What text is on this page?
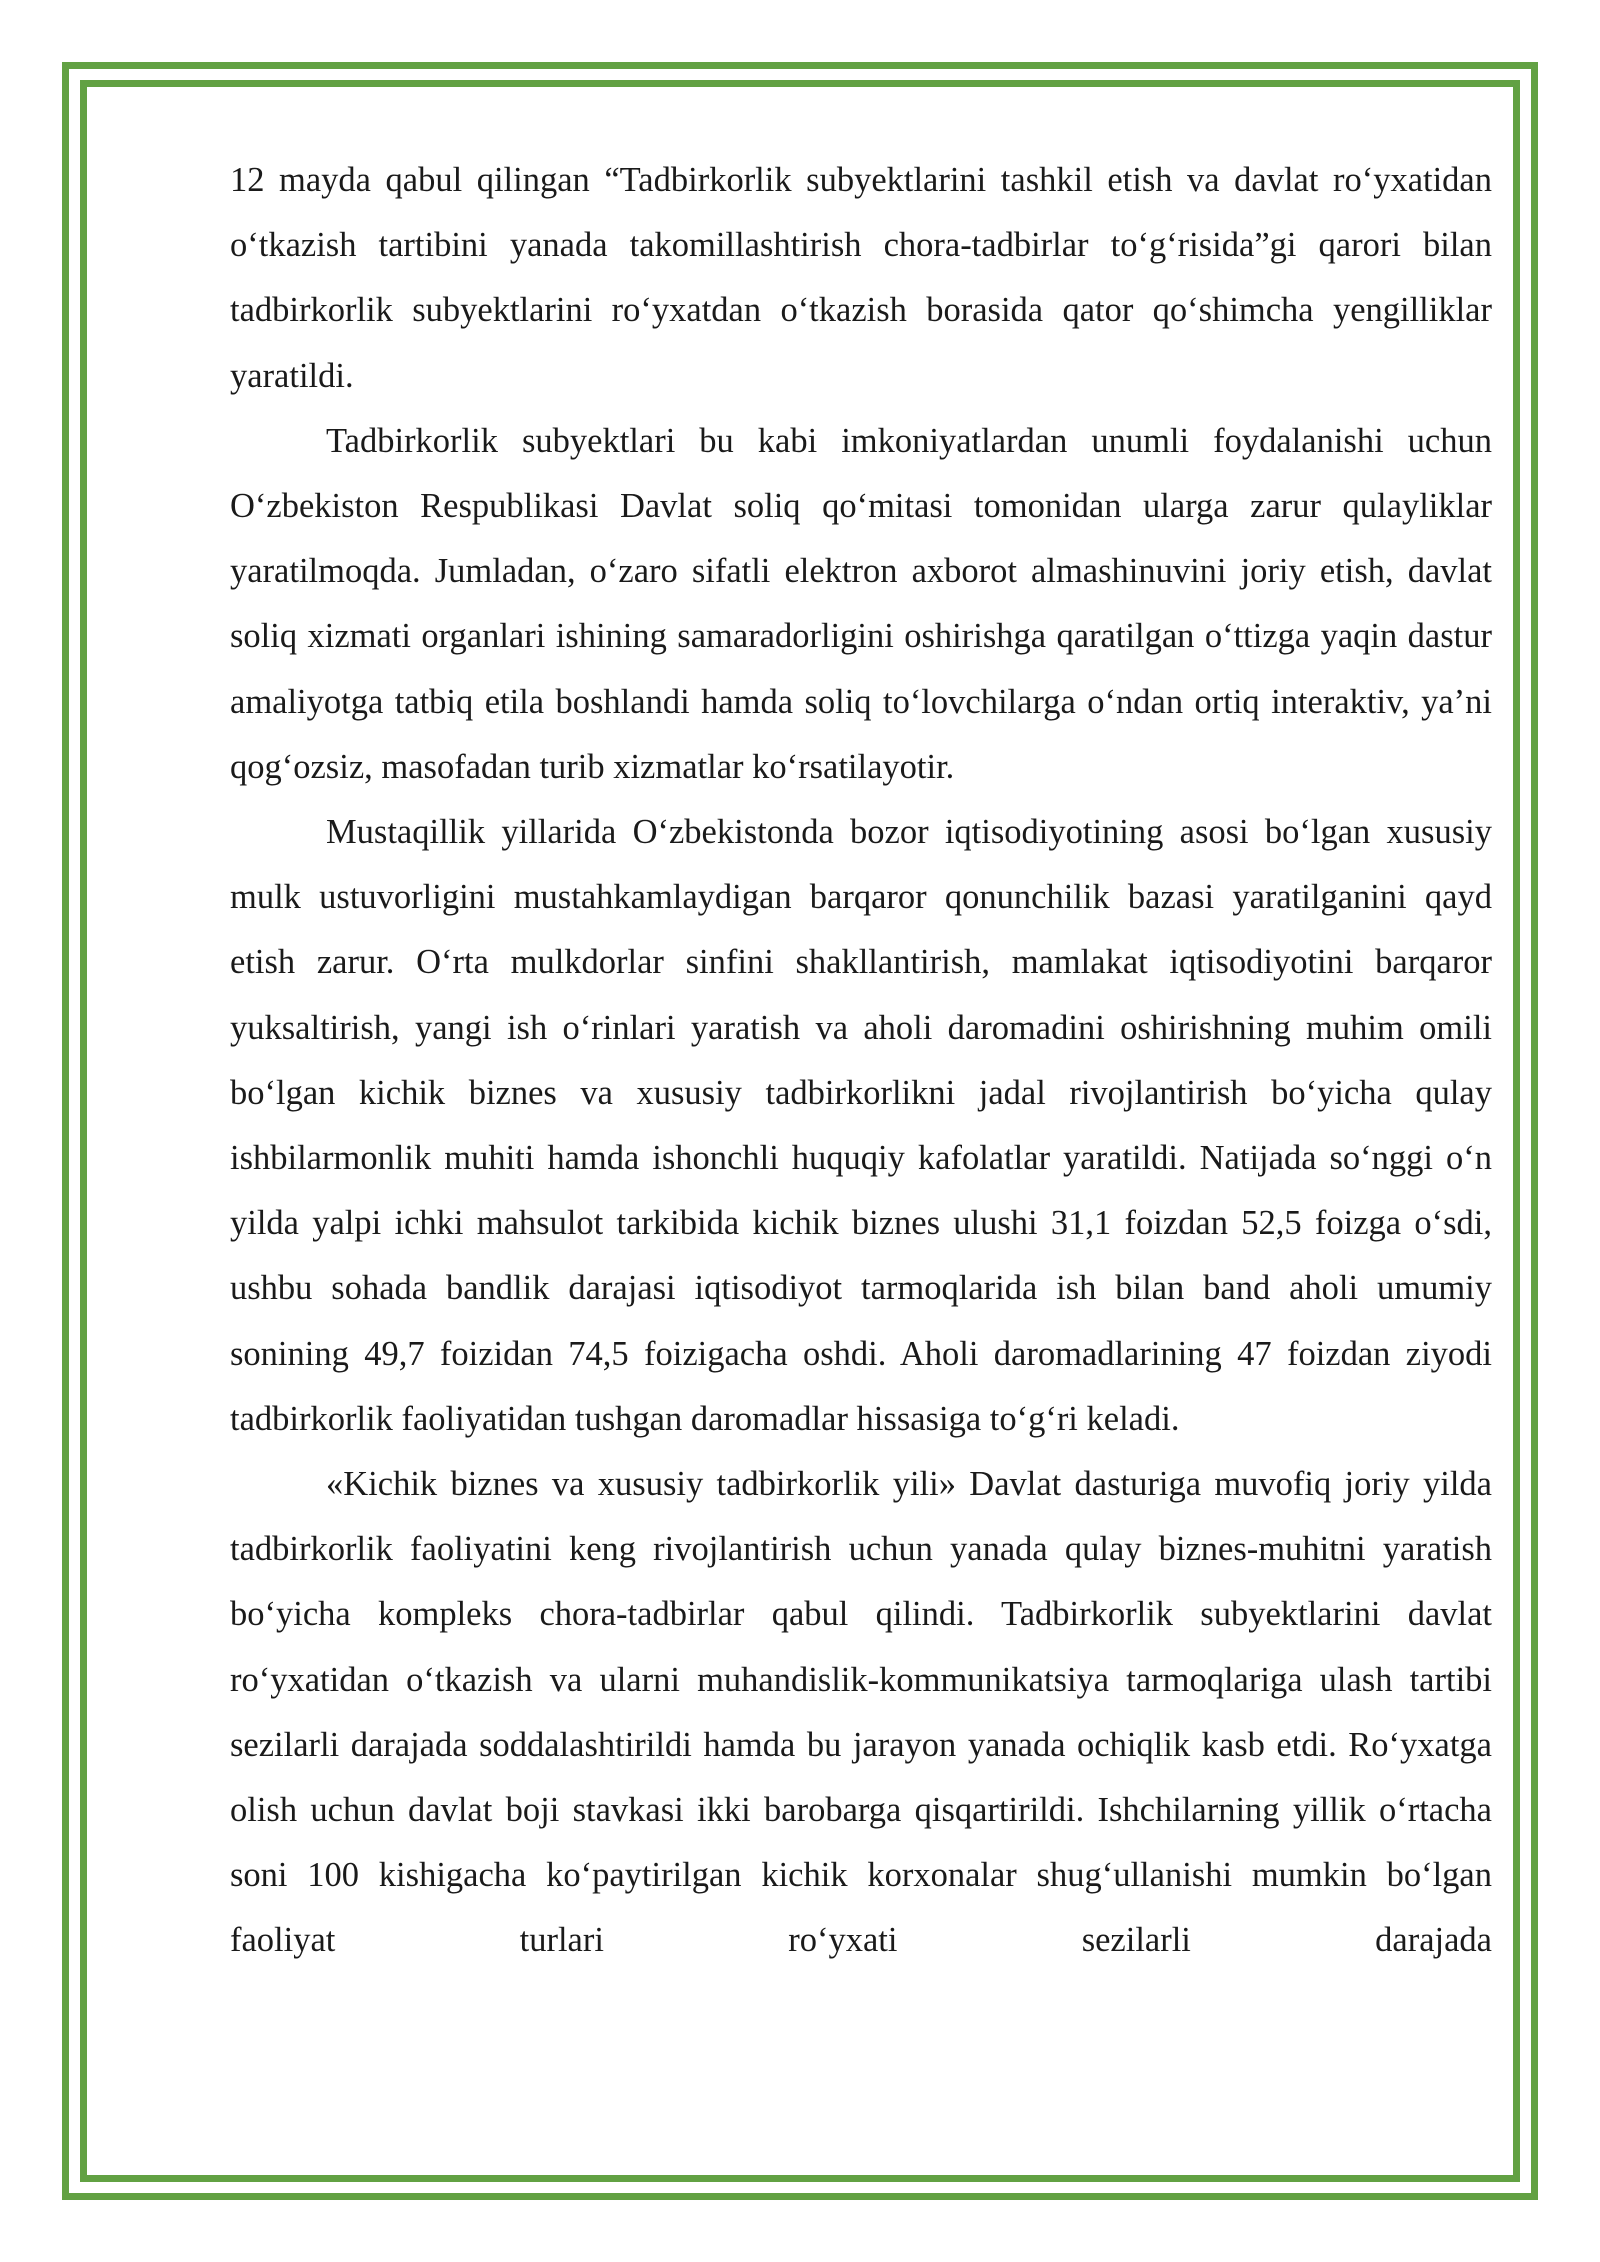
12 mayda qabul qilingan “Tadbirkorlik subyektlarini tashkil etish va davlat ro‘yxatidan o‘tkazish tartibini yanada takomillashtirish chora-tadbirlar to‘g‘risida”gi qarori bilan tadbirkorlik subyektlarini ro‘yxatdan o‘tkazish borasida qator qo‘shimcha yengilliklar yaratildi.

Tadbirkorlik subyektlari bu kabi imkoniyatlardan unumli foydalanishi uchun O‘zbekiston Respublikasi Davlat soliq qo‘mitasi tomonidan ularga zarur qulayliklar yaratilmoqda. Jumladan, o‘zaro sifatli elektron axborot almashinuvini joriy etish, davlat soliq xizmati organlari ishining samaradorligini oshirishga qaratilgan o‘ttizga yaqin dastur amaliyotga tatbiq etila boshlandi hamda soliq to‘lovchilarga o‘ndan ortiq interaktiv, ya’ni qog‘ozsiz, masofadan turib xizmatlar ko‘rsatilayotir.

Mustaqillik yillarida O‘zbekistonda bozor iqtisodiyotining asosi bo‘lgan xususiy mulk ustuvorligini mustahkamlaydigan barqaror qonunchilik bazasi yaratilganini qayd etish zarur. O‘rta mulkdorlar sinfini shakllantirish, mamlakat iqtisodiyotini barqaror yuksaltirish, yangi ish o‘rinlari yaratish va aholi daromadini oshirishning muhim omili bo‘lgan kichik biznes va xususiy tadbirkorlikni jadal rivojlantirish bo‘yicha qulay ishbilarmonlik muhiti hamda ishonchli huquqiy kafolatlar yaratildi. Natijada so‘nggi o‘n yilda yalpi ichki mahsulot tarkibida kichik biznes ulushi 31,1 foizdan 52,5 foizga o‘sdi, ushbu sohada bandlik darajasi iqtisodiyot tarmoqlarida ish bilan band aholi umumiy sonining 49,7 foizidan 74,5 foizigacha oshdi. Aholi daromadlarining 47 foizdan ziyodi tadbirkorlik faoliyatidan tushgan daromadlar hissasiga to‘g‘ri keladi.

«Kichik biznes va xususiy tadbirkorlik yili» Davlat dasturiga muvofiq joriy yilda tadbirkorlik faoliyatini keng rivojlantirish uchun yanada qulay biznes-muhitni yaratish bo‘yicha kompleks chora-tadbirlar qabul qilindi. Tadbirkorlik subyektlarini davlat ro‘yxatidan o‘tkazish va ularni muhandislik-kommunikatsiya tarmoqlariga ulash tartibi sezilarli darajada soddalashtirildi hamda bu jarayon yanada ochiqlik kasb etdi. Ro‘yxatga olish uchun davlat boji stavkasi ikki barobarga qisqartirildi. Ishchilarning yillik o‘rtacha soni 100 kishigacha ko‘paytirilgan kichik korxonalar shug‘ullanishi mumkin bo‘lgan faoliyat turlari ro‘yxati sezilarli darajada
